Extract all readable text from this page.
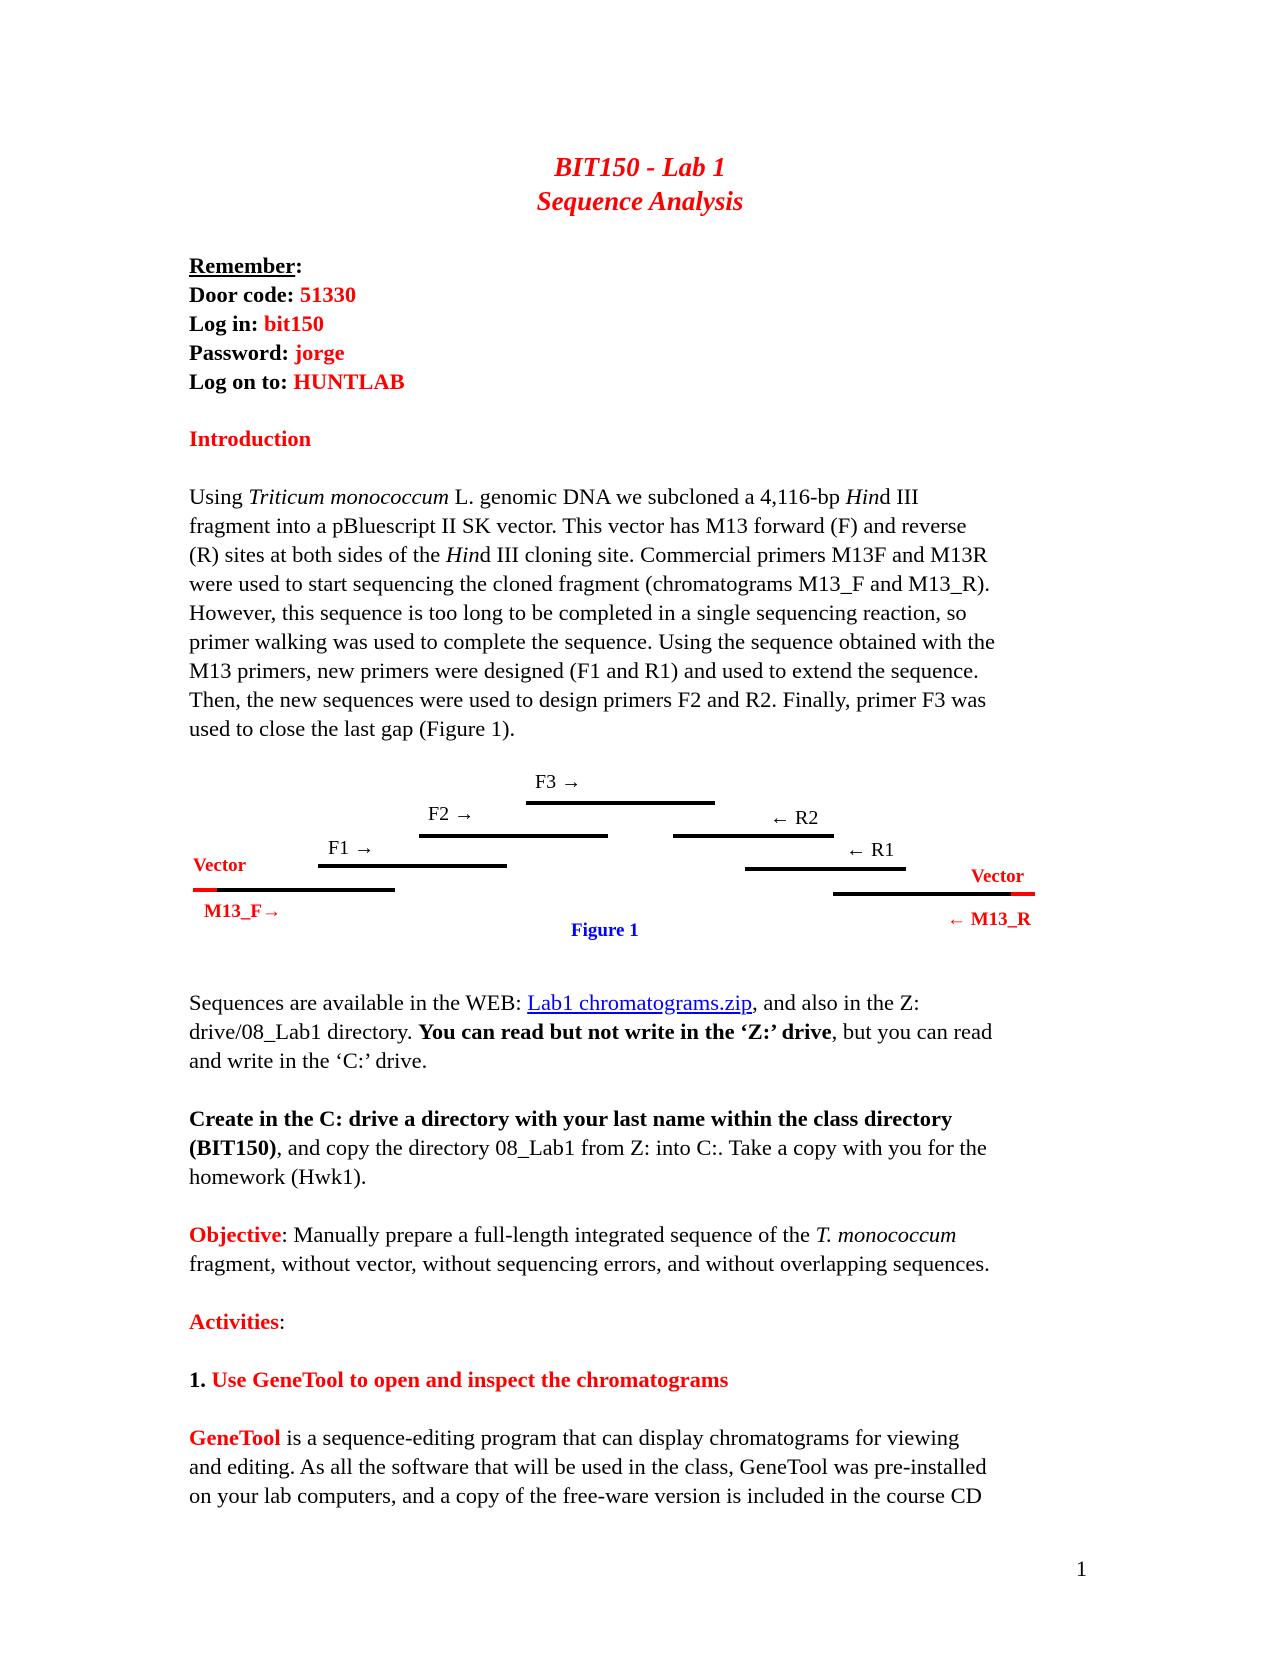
BIT150 - Lab 1
Sequence Analysis
Remember:
Door code: 51330
Log in: bit150
Password: jorge
Log on to: HUNTLAB
Introduction
Using Triticum monococcum L. genomic DNA we subcloned a 4,116-bp Hind III
fragment into a pBluescript II SK vector. This vector has M13 forward (F) and reverse
(R) sites at both sides of the Hind III cloning site. Commercial primers M13F and M13R
were used to start sequencing the cloned fragment (chromatograms M13_F and M13_R).
However, this sequence is too long to be completed in a single sequencing reaction, so
primer walking was used to complete the sequence. Using the sequence obtained with the
M13 primers, new primers were designed (F1 and R1) and used to extend the sequence.
Then, the new sequences were used to design primers F2 and R2. Finally, primer F3 was
used to close the last gap (Figure 1).
F3 →
F2 →
F1 →
← R2
← R1
Vector
Vector
M13_F→	← M13_R
Figure 1
Sequences are available in the WEB: Lab1 chromatograms.zip, and also in the Z:
drive/08_Lab1 directory. You can read but not write in the ‘Z:’ drive, but you can read
and write in the ‘C:’ drive.
Create in the C: drive a directory with your last name within the class directory
(BIT150), and copy the directory 08_Lab1 from Z: into C:. Take a copy with you for the
homework (Hwk1).
Objective: Manually prepare a full-length integrated sequence of the T. monococcum
fragment, without vector, without sequencing errors, and without overlapping sequences.
Activities:
1. Use GeneTool to open and inspect the chromatograms
GeneTool is a sequence-editing program that can display chromatograms for viewing
and editing. As all the software that will be used in the class, GeneTool was pre-installed
on your lab computers, and a copy of the free-ware version is included in the course CD
1
